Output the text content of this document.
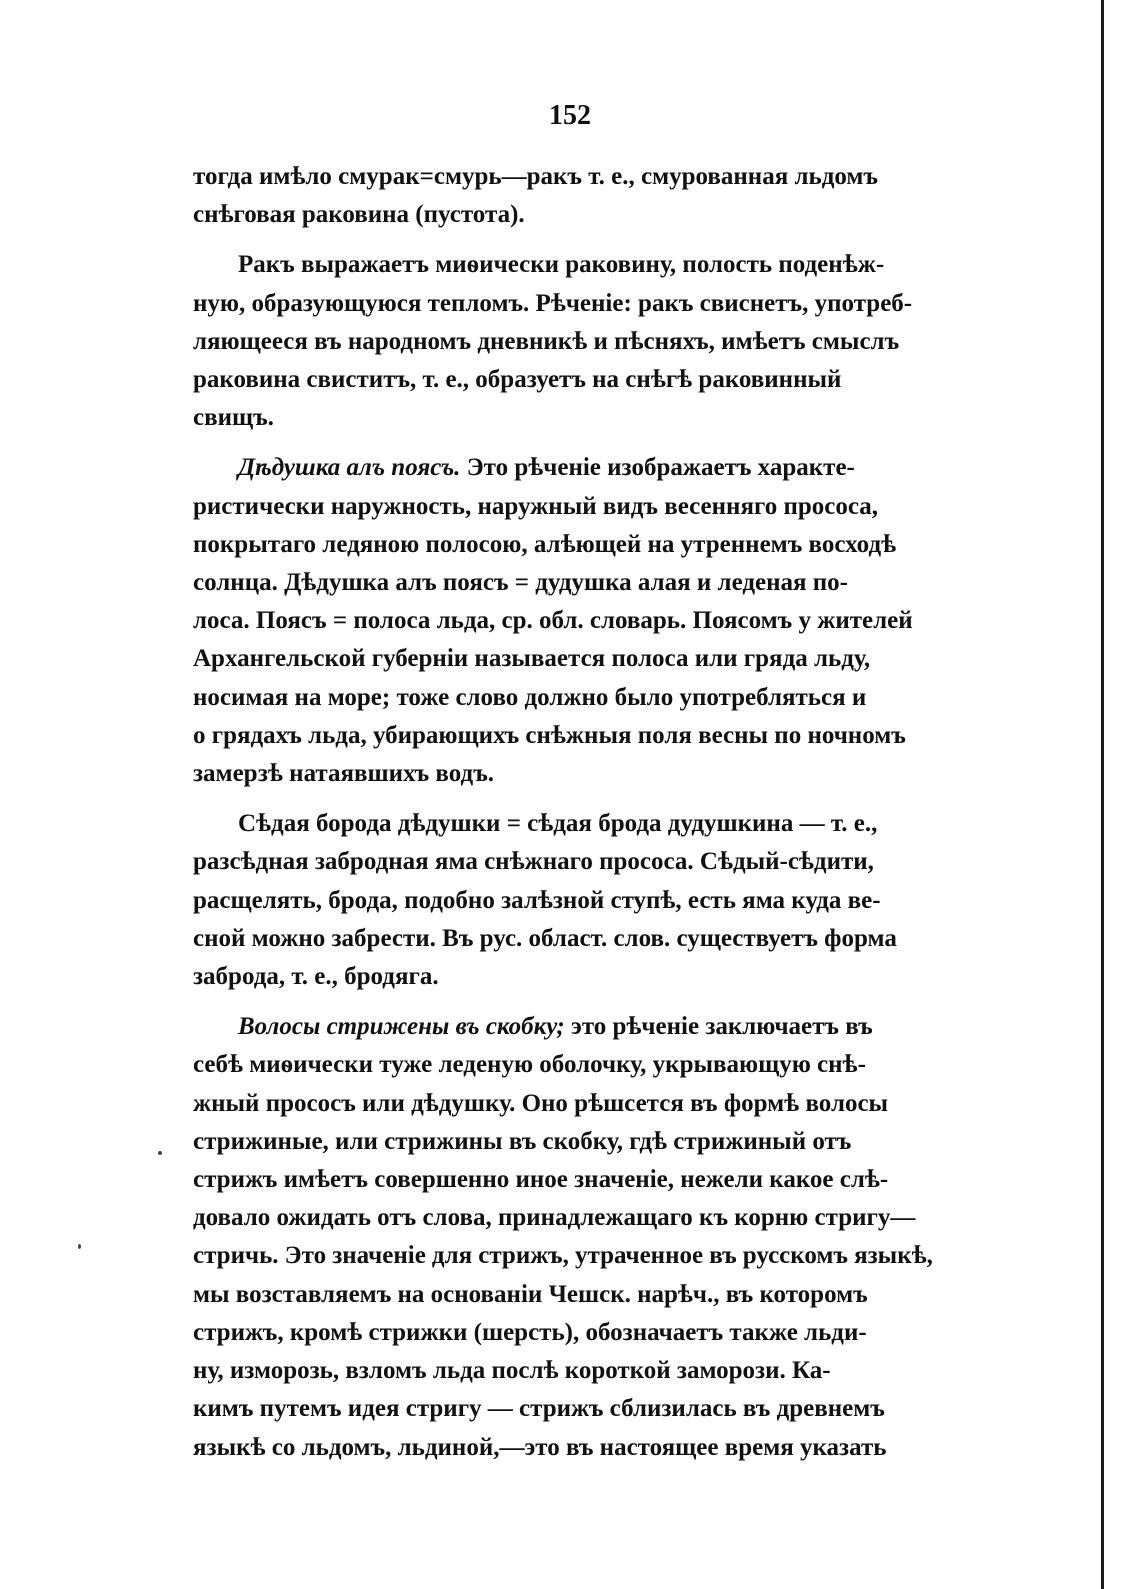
152

тогда имѣло смурак=смурь—ракъ т. е., смурованная льдомъ
снѣговая раковина (пустота).

Ракъ выражаетъ миѳически раковину, полость поденѣж-
ную, образующуюся тепломъ. Рѣченіе: ракъ свиснетъ, употреб-
ляющееся въ народномъ дневникѣ и пѣсняхъ, имѣетъ смыслъ
раковина свиститъ, т. е., образуетъ на снѣгѣ раковинный
свищъ.

Дѣдушка алъ поясъ. Это рѣченіе изображаетъ характе-
ристически наружность, наружный видъ весенняго прососа,
покрытаго ледяною полосою, алѣющей на утреннемъ восходѣ
солнца. Дѣдушка алъ поясъ = дудушка алая и леденая по-
лоса. Поясъ = полоса льда, ср. обл. словарь. Поясомъ у жителей
Архангельской губерніи называется полоса или гряда льду,
носимая на море; тоже слово должно было употребляться и
о грядахъ льда, убирающихъ снѣжныя поля весны по ночномъ
замерзѣ натаявшихъ водъ.

Сѣдая борода дѣдушки = сѣдая брода дудушкина — т. е.,
разсѣдная забродная яма снѣжнаго прососа. Сѣдый-сѣдити,
расщелять, брода, подобно залѣзной ступѣ, есть яма куда ве-
сной можно забрести. Въ рус. област. слов. существуетъ форма
заброда, т. е., бродяга.

Волосы стрижены въ скобку; это рѣченіе заключаетъ въ
себѣ миѳически туже леденую оболочку, укрывающую снѣ-
жный прососъ или дѣдушку. Оно рѣшсется въ формѣ волосы
стрижиные, или стрижины въ скобку, гдѣ стрижиный отъ
стрижъ имѣетъ совершенно иное значеніе, нежели какое слѣ-
довало ожидать отъ слова, принадлежащаго къ корню стригу—
стричь. Это значеніе для стрижъ, утраченное въ русскомъ языкѣ,
мы возставляемъ на основаніи Чешск. нарѣч., въ которомъ
стрижъ, кромѣ стрижки (шерсть), обозначаетъ также льди-
ну, изморозь, взломъ льда послѣ короткой заморози. Ка-
кимъ путемъ идея стригу — стрижъ сблизилась въ древнемъ
языкѣ со льдомъ, льдиной,—это въ настоящее время указать
